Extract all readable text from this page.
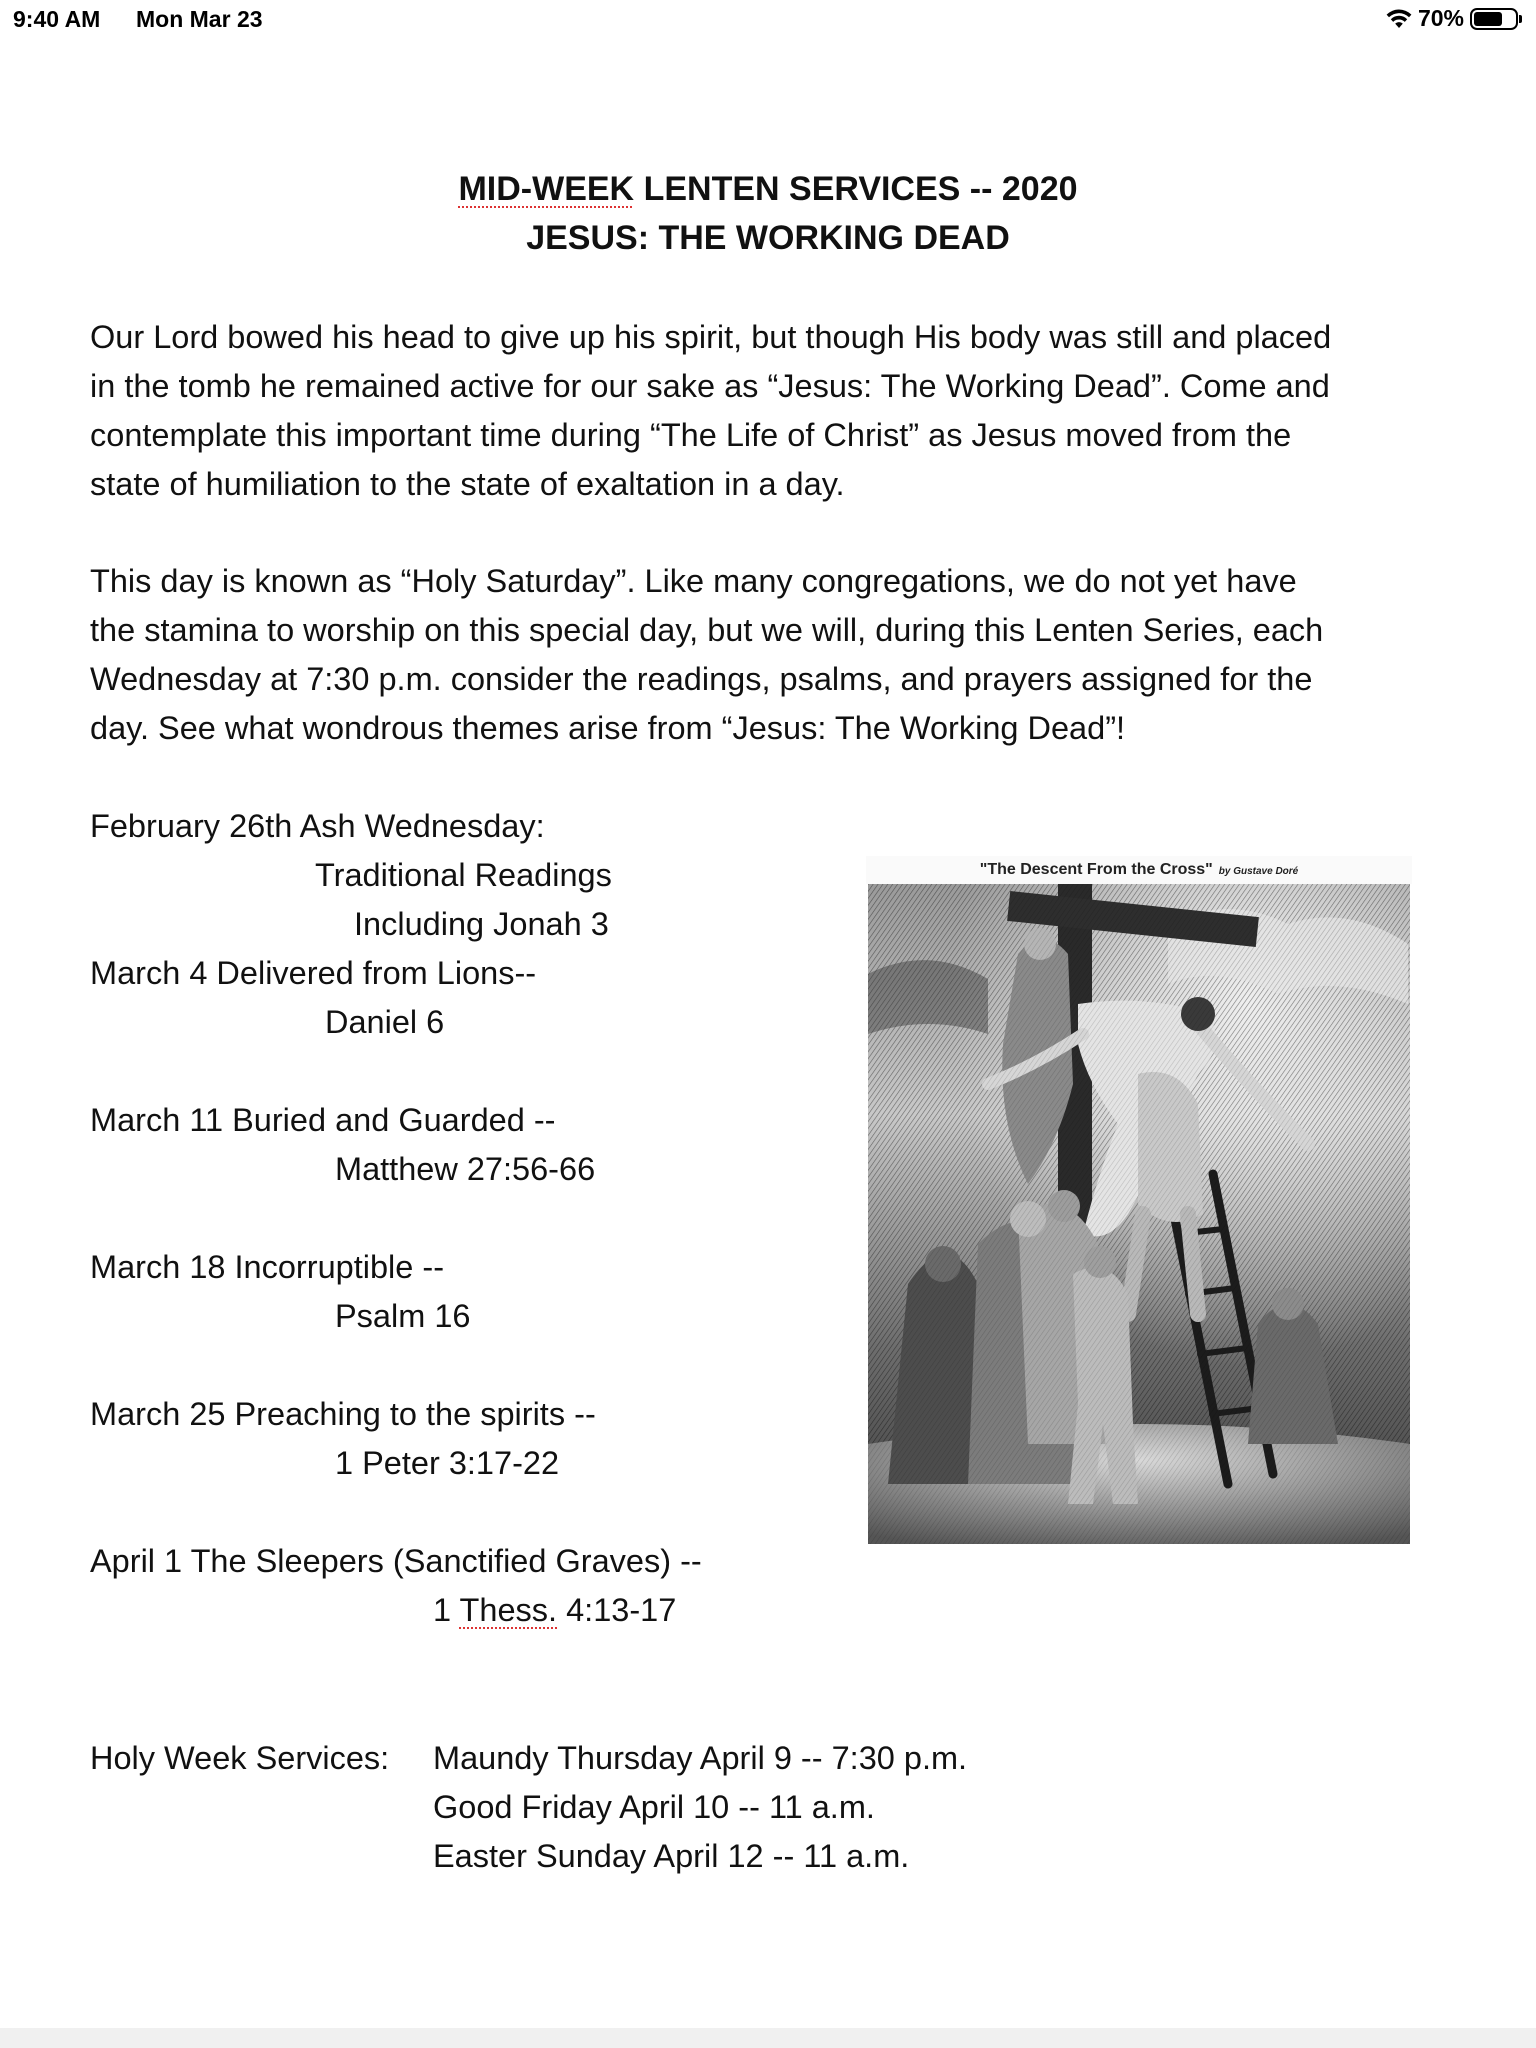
9:40 AM Mon Mar 23	70%
MID-WEEK LENTEN SERVICES -- 2020
JESUS: THE WORKING DEAD
Our Lord bowed his head to give up his spirit, but though His body was still and placed
in the tomb he remained active for our sake as “Jesus: The Working Dead”. Come and
contemplate this important time during “The Life of Christ” as Jesus moved from the
state of humiliation to the state of exaltation in a day.
This day is known as “Holy Saturday”. Like many congregations, we do not yet have
the stamina to worship on this special day, but we will, during this Lenten Series, each
Wednesday at 7:30 p.m. consider the readings, psalms, and prayers assigned for the
day. See what wondrous themes arise from “Jesus: The Working Dead”!
February 26th Ash Wednesday:
Traditional Readings
Including Jonah 3
March 4 Delivered from Lions--
Daniel 6
March 11 Buried and Guarded --
Matthew 27:56-66
March 18 Incorruptible --
Psalm 16
March 25 Preaching to the spirits --
1 Peter 3:17-22
April 1 The Sleepers (Sanctified Graves) --
1 Thess. 4:13-17
Holy Week Services: Maundy Thursday April 9 -- 7:30 p.m.
Good Friday April 10 -- 11 a.m.
Easter Sunday April 12 -- 11 a.m.
"The Descent From the Cross" by Gustave Doré
